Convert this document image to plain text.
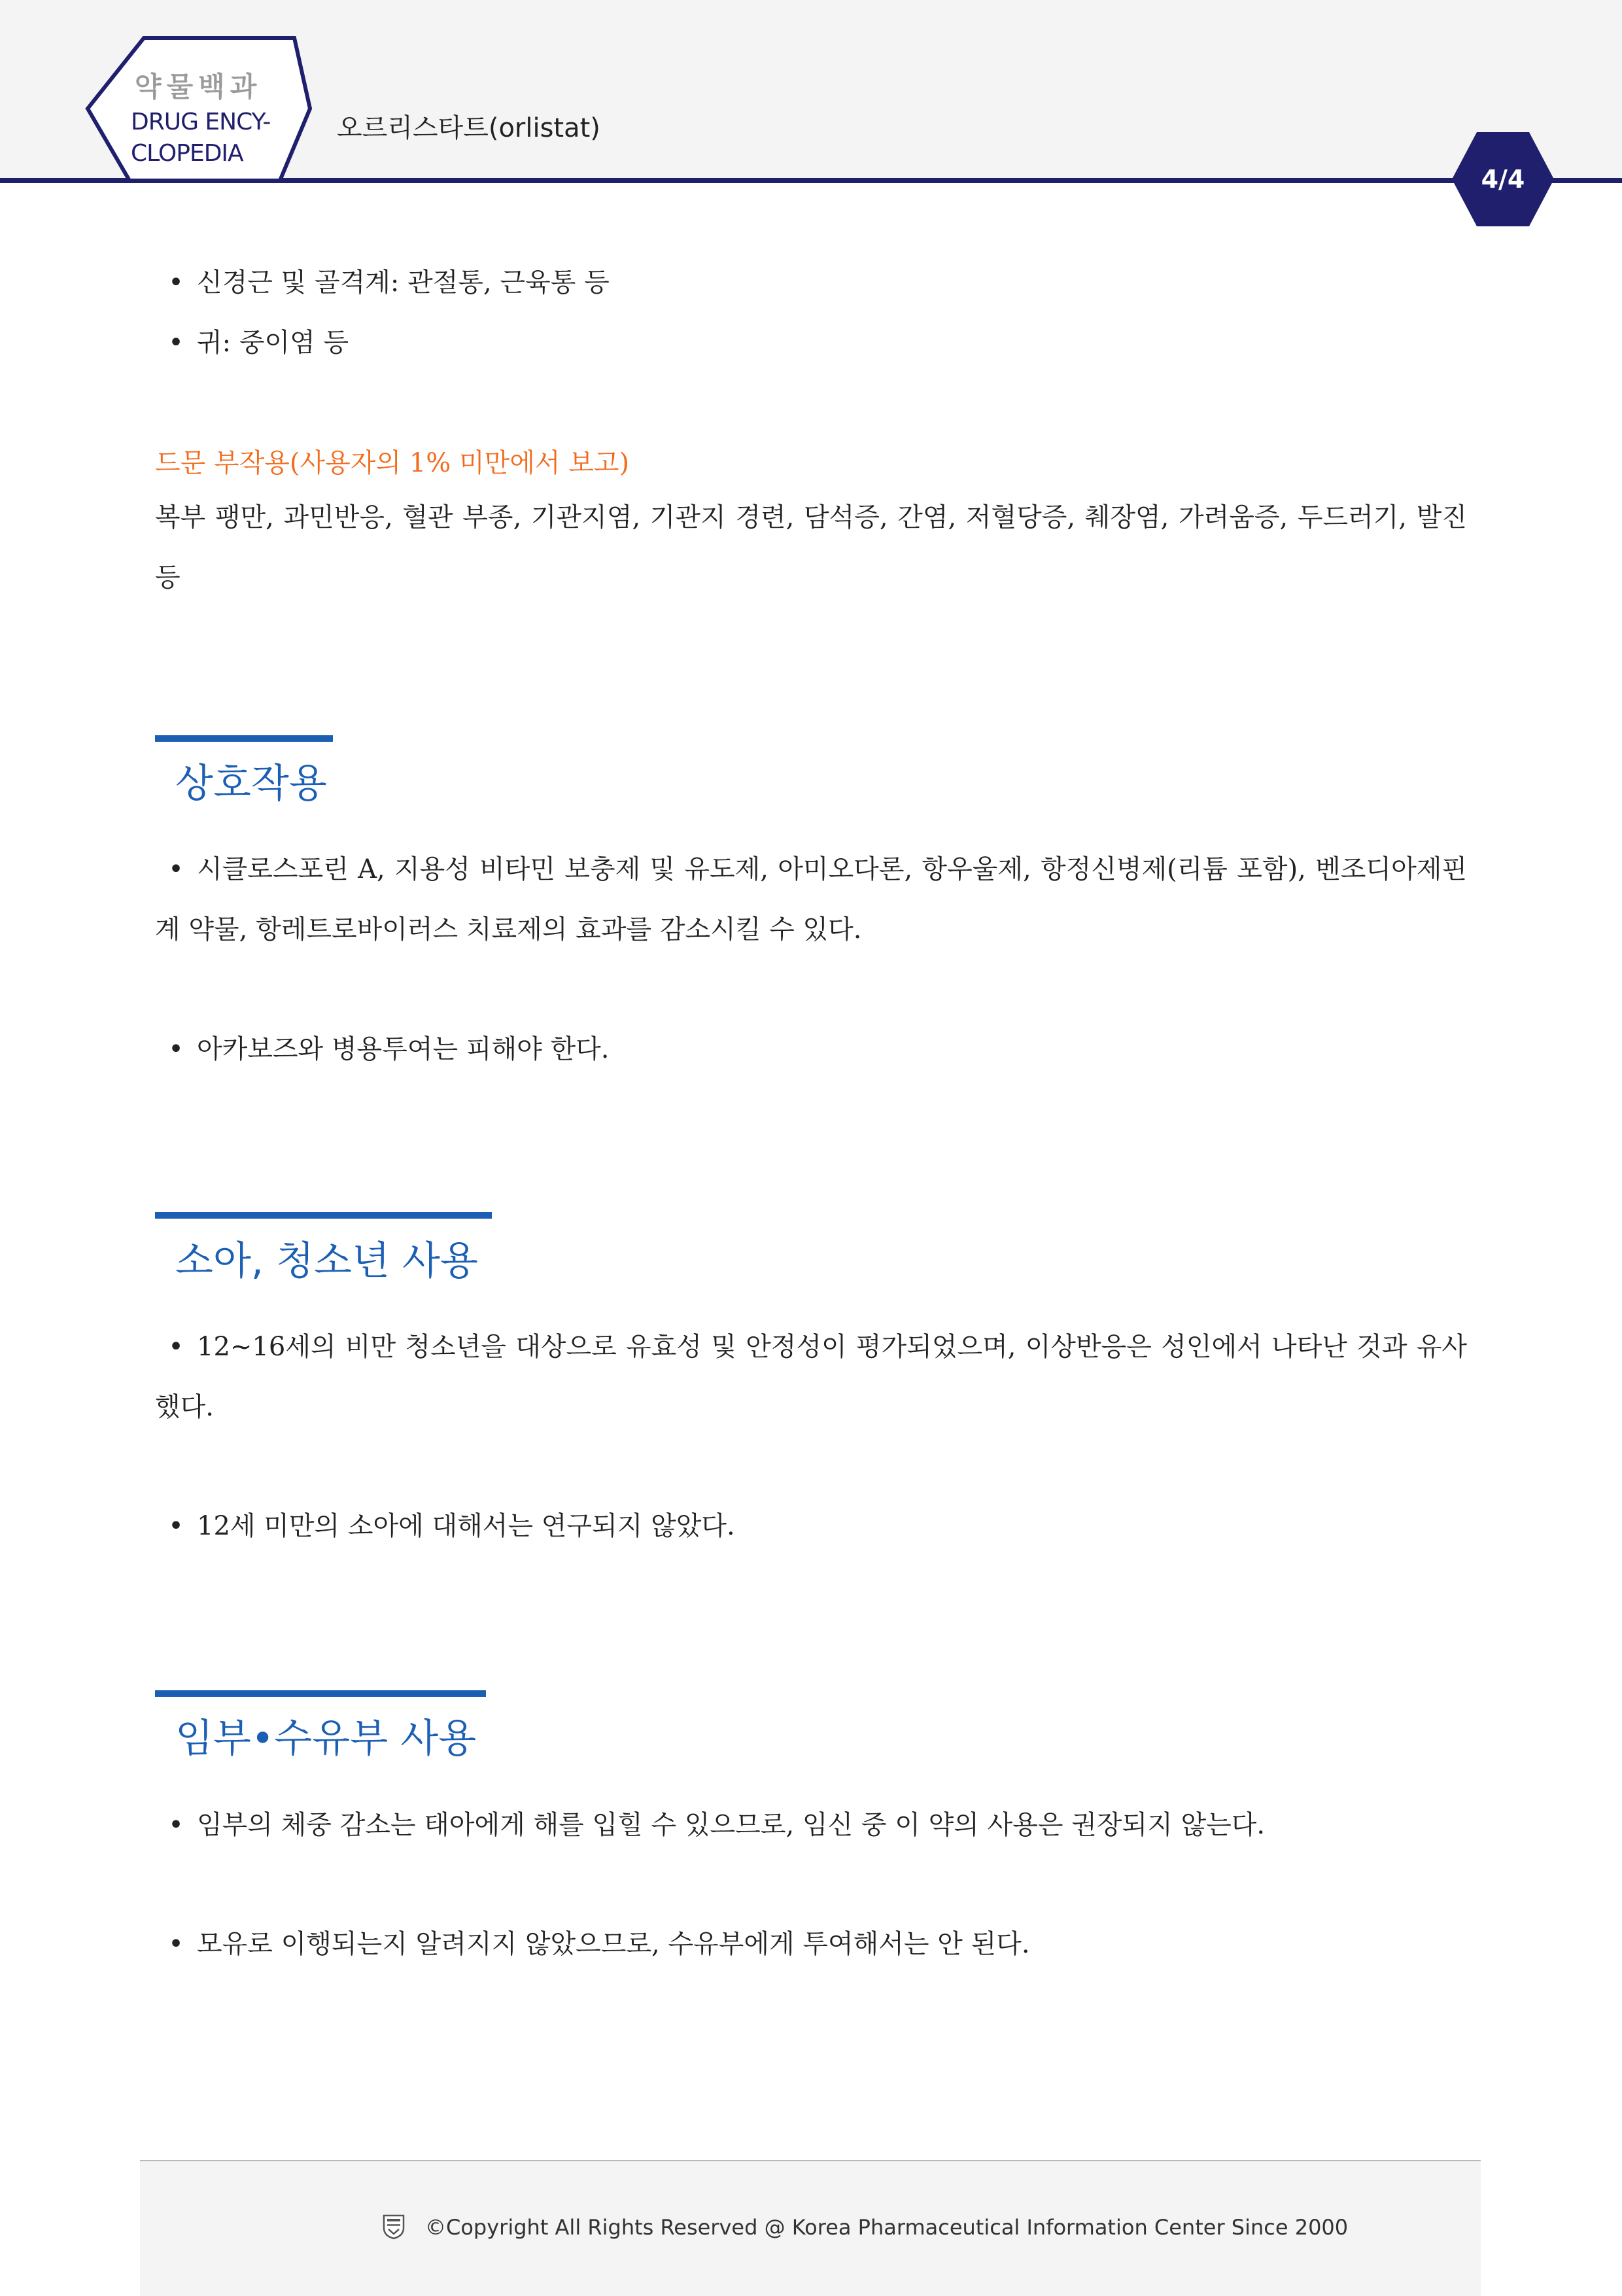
약물백과
DRUG ENCY-
CLOPEDIA
오르리스타트(orlistat)
4/4
• 신경근 및 골격계: 관절통, 근육통 등
• 귀: 중이염 등
드문 부작용(사용자의 1% 미만에서 보고)
복부 팽만, 과민반응, 혈관 부종, 기관지염, 기관지 경련, 담석증, 간염, 저혈당증, 췌장염, 가려움증, 두드러기, 발진 등
상호작용
• 시클로스포린 A, 지용성 비타민 보충제 및 유도제, 아미오다론, 항우울제, 항정신병제(리튬 포함), 벤조디아제핀계 약물, 항레트로바이러스 치료제의 효과를 감소시킬 수 있다.
• 아카보즈와 병용투여는 피해야 한다.
소아, 청소년 사용
• 12~16세의 비만 청소년을 대상으로 유효성 및 안정성이 평가되었으며, 이상반응은 성인에서 나타난 것과 유사했다.
• 12세 미만의 소아에 대해서는 연구되지 않았다.
임부•수유부 사용
• 임부의 체중 감소는 태아에게 해를 입힐 수 있으므로, 임신 중 이 약의 사용은 권장되지 않는다.
• 모유로 이행되는지 알려지지 않았으므로, 수유부에게 투여해서는 안 된다.
©Copyright All Rights Reserved @ Korea Pharmaceutical Information Center Since 2000
